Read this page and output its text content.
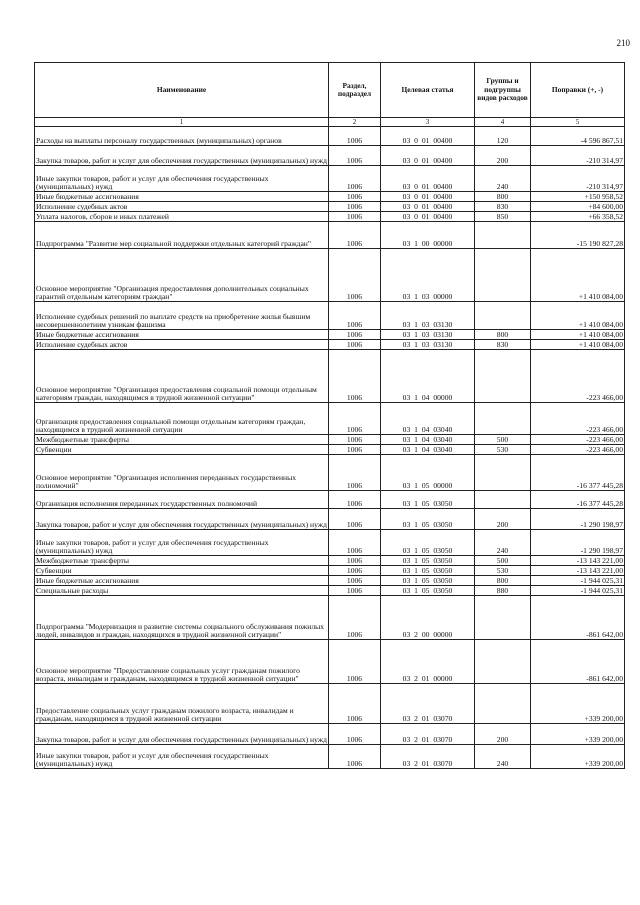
210
Наименование	Раздел, подраздел	Целевая статья	Группы и подгруппы видов расходов	Поправки (+, -)
1	2	3	4	5
Расходы на выплаты персоналу государственных (муниципальных) органов	1006	03 0 01 00400	120	-4 596 867,51
Закупка товаров, работ и услуг для обеспечения государственных (муниципальных) нужд	1006	03 0 01 00400	200	-210 314,97
Иные закупки товаров, работ и услуг для обеспечения государственных (муниципальных) нужд	1006	03 0 01 00400	240	-210 314,97
Иные бюджетные ассигнования	1006	03 0 01 00400	800	+150 958,52
Исполнение судебных актов	1006	03 0 01 00400	830	+84 600,00
Уплата налогов, сборов и иных платежей	1006	03 0 01 00400	850	+66 358,52
Подпрограмма "Развитие мер социальной поддержки отдельных категорий граждан"	1006	03 1 00 00000		-15 190 827,28
Основное мероприятие "Организация предоставления дополнительных социальных гарантий отдельным категориям граждан"	1006	03 1 03 00000		+1 410 084,00
Исполнение судебных решений по выплате средств на приобретение жилья бывшим несовершеннолетним узникам фашизма	1006	03 1 03 03130		+1 410 084,00
Иные бюджетные ассигнования	1006	03 1 03 03130	800	+1 410 084,00
Исполнение судебных актов	1006	03 1 03 03130	830	+1 410 084,00
Основное мероприятие "Организация предоставления социальной помощи отдельным категориям граждан, находящимся в трудной жизненной ситуации"	1006	03 1 04 00000		-223 466,00
Организация предоставления социальной помощи отдельным категориям граждан, находящимся в трудной жизненной ситуации	1006	03 1 04 03040		-223 466,00
Межбюджетные трансферты	1006	03 1 04 03040	500	-223 466,00
Субвенции	1006	03 1 04 03040	530	-223 466,00
Основное мероприятие "Организация исполнения переданных государственных полномочий"	1006	03 1 05 00000		-16 377 445,28
Организация исполнения переданных государственных полномочий	1006	03 1 05 03050		-16 377 445,28
Закупка товаров, работ и услуг для обеспечения государственных (муниципальных) нужд	1006	03 1 05 03050	200	-1 290 198,97
Иные закупки товаров, работ и услуг для обеспечения государственных (муниципальных) нужд	1006	03 1 05 03050	240	-1 290 198,97
Межбюджетные трансферты	1006	03 1 05 03050	500	-13 143 221,00
Субвенции	1006	03 1 05 03050	530	-13 143 221,00
Иные бюджетные ассигнования	1006	03 1 05 03050	800	-1 944 025,31
Специальные расходы	1006	03 1 05 03050	880	-1 944 025,31
Подпрограмма "Модернизация и развитие системы социального обслуживания пожилых людей, инвалидов и граждан, находящихся в трудной жизненной ситуации"	1006	03 2 00 00000		-861 642,00
Основное мероприятие "Предоставление социальных услуг гражданам пожилого возраста, инвалидам и гражданам, находящимся в трудной жизненной ситуации"	1006	03 2 01 00000		-861 642,00
Предоставление социальных услуг гражданам пожилого возраста, инвалидам и гражданам, находящимся в трудной жизненной ситуации	1006	03 2 01 03070		+339 200,00
Закупка товаров, работ и услуг для обеспечения государственных (муниципальных) нужд	1006	03 2 01 03070	200	+339 200,00
Иные закупки товаров, работ и услуг для обеспечения государственных (муниципальных) нужд	1006	03 2 01 03070	240	+339 200,00
